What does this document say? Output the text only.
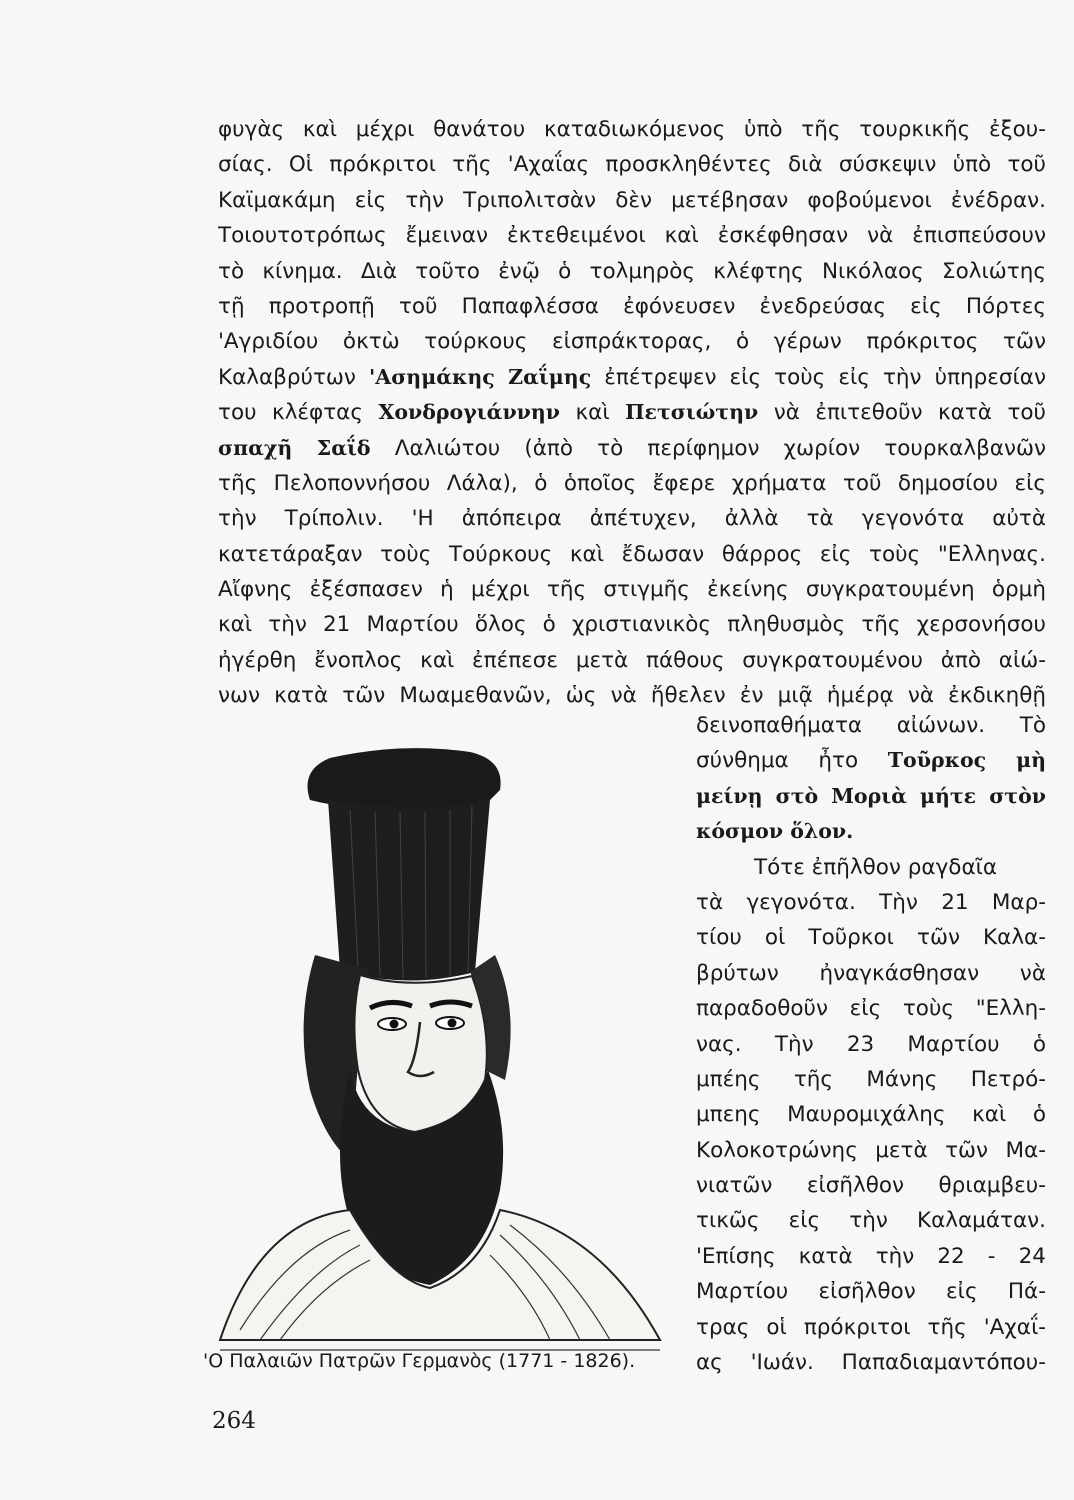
φυγὰς καὶ μέχρι θανάτου καταδιωκόμενος ὑπὸ τῆς τουρκικῆς ἐξου-
σίας. Οἱ πρόκριτοι τῆς 'Αχαΐας προσκληθέντες διὰ σύσκεψιν ὑπὸ τοῦ
Καϊμακάμη εἰς τὴν Τριπολιτσὰν δὲν μετέβησαν φοβούμενοι ἐνέδραν.
Τοιουτοτρόπως ἔμειναν ἐκτεθειμένοι καὶ ἐσκέφθησαν νὰ ἐπισπεύσουν
τὸ κίνημα. Διὰ τοῦτο ἐνῷ ὁ τολμηρὸς κλέφτης Νικόλαος Σολιώτης
τῇ προτροπῇ τοῦ Παπαφλέσσα ἐφόνευσεν ἐνεδρεύσας εἰς Πόρτες
'Αγριδίου ὀκτὼ τούρκους εἰσπράκτορας, ὁ γέρων πρόκριτος τῶν
Καλαβρύτων 'Ασημάκης Ζαΐμης ἐπέτρεψεν εἰς τοὺς εἰς τὴν ὑπηρεσίαν
του κλέφτας Χονδρογιάννην καὶ Πετσιώτην νὰ ἐπιτεθοῦν κατὰ τοῦ
σπαχῆ Σαΐδ Λαλιώτου (ἀπὸ τὸ περίφημον χωρίον τουρκαλβανῶν
τῆς Πελοποννήσου Λάλα), ὁ ὁποῖος ἔφερε χρήματα τοῦ δημοσίου εἰς
τὴν Τρίπολιν. 'Η ἀπόπειρα ἀπέτυχεν, ἀλλὰ τὰ γεγονότα αὐτὰ
κατετάραξαν τοὺς Τούρκους καὶ ἔδωσαν θάρρος εἰς τοὺς "Ελληνας.
Αἴφνης ἐξέσπασεν ἡ μέχρι τῆς στιγμῆς ἐκείνης συγκρατουμένη ὁρμὴ
καὶ τὴν 21 Μαρτίου ὅλος ὁ χριστιανικὸς πληθυσμὸς τῆς χερσονήσου
ἠγέρθη ἔνοπλος καὶ ἐπέπεσε μετὰ πάθους συγκρατουμένου ἀπὸ αἰώ-
νων κατὰ τῶν Μωαμεθανῶν, ὡς νὰ ἤθελεν ἐν μιᾷ ἡμέρᾳ νὰ ἐκδικηθῇ
δεινοπαθήματα αἰώνων. Τὸ
σύνθημα ἦτο Τοῦρκος μὴ
μείνῃ στὸ Μοριὰ μήτε στὸν
κόσμον ὅλον.
Τότε ἐπῆλθον ραγδαῖα
τὰ γεγονότα. Τὴν 21 Μαρ-
τίου οἱ Τοῦρκοι τῶν Καλα-
βρύτων ἠναγκάσθησαν νὰ
παραδοθοῦν εἰς τοὺς "Ελλη-
νας. Τὴν 23 Μαρτίου ὁ
μπέης τῆς Μάνης Πετρό-
μπεης Μαυρομιχάλης καὶ ὁ
Κολοκοτρώνης μετὰ τῶν Μα-
νιατῶν εἰσῆλθον θριαμβευ-
τικῶς εἰς τὴν Καλαμάταν.
'Επίσης κατὰ τὴν 22 - 24
Μαρτίου εἰσῆλθον εἰς Πά-
τρας οἱ πρόκριτοι τῆς 'Αχαΐ-
ας 'Ιωάν. Παπαδιαμαντόπου-
'Ο Παλαιῶν Πατρῶν Γερμανὸς (1771 - 1826).
264
